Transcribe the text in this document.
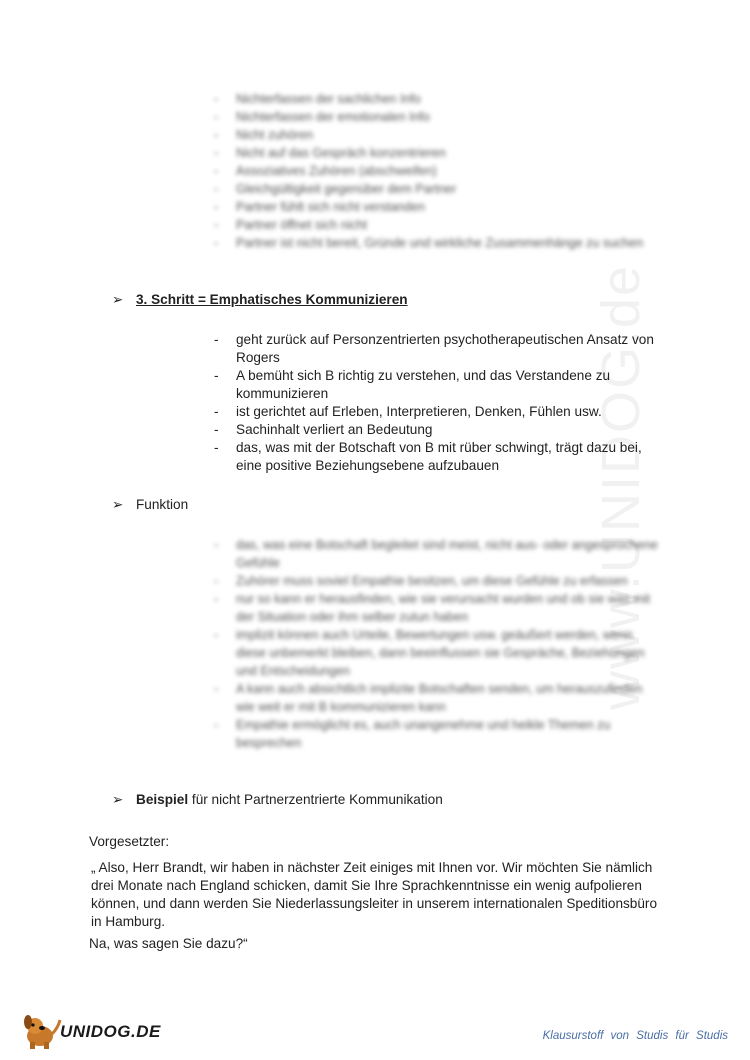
www.UNIDOG.de
- Nichterfassen der sachlichen Info
- Nichterfassen der emotionalen Info
- Nicht zuhören
- Nicht auf das Gespräch konzentrieren
- Assoziatives Zuhören (abschweifen)
- Gleichgültigkeit gegenüber dem Partner
- Partner fühlt sich nicht verstanden
- Partner öffnet sich nicht
- Partner ist nicht bereit, Gründe und wirkliche Zusammenhänge zu suchen
➢ 3. Schritt = Emphatisches Kommunizieren
- geht zurück auf Personzentrierten psychotherapeutischen Ansatz von Rogers
- A bemüht sich B richtig zu verstehen, und das Verstandene zu kommunizieren
- ist gerichtet auf Erleben, Interpretieren, Denken, Fühlen usw.
- Sachinhalt verliert an Bedeutung
- das, was mit der Botschaft von B mit rüber schwingt, trägt dazu bei, eine positive Beziehungsebene aufzubauen
➢ Funktion
- das, was eine Botschaft begleitet sind meist, nicht aus- oder angesprochene Gefühle
- Zuhörer muss soviel Empathie besitzen, um diese Gefühle zu erfassen
- nur so kann er herausfinden, wie sie verursacht wurden und ob sie was mit der Situation oder ihm selber zutun haben
- implizit können auch Urteile, Bewertungen usw. geäußert werden, wenn diese unbemerkt bleiben, dann beeinflussen sie Gespräche, Beziehungen und Entscheidungen
- A kann auch absichtlich implizite Botschaften senden, um herauszufinden wie weit er mit B kommunizieren kann
- Empathie ermöglicht es, auch unangenehme und heikle Themen zu besprechen
➢ Beispiel für nicht Partnerzentrierte Kommunikation

Vorgesetzter:

„ Also, Herr Brandt, wir haben in nächster Zeit einiges mit Ihnen vor. Wir möchten Sie nämlich drei Monate nach England schicken, damit Sie Ihre Sprachkenntnisse ein wenig aufpolieren können, und dann werden Sie Niederlassungsleiter in unserem internationalen Speditionsbüro in Hamburg.

Na, was sagen Sie dazu?“

UNIDOG.DE	Klausurstoff von Studis für Studis
